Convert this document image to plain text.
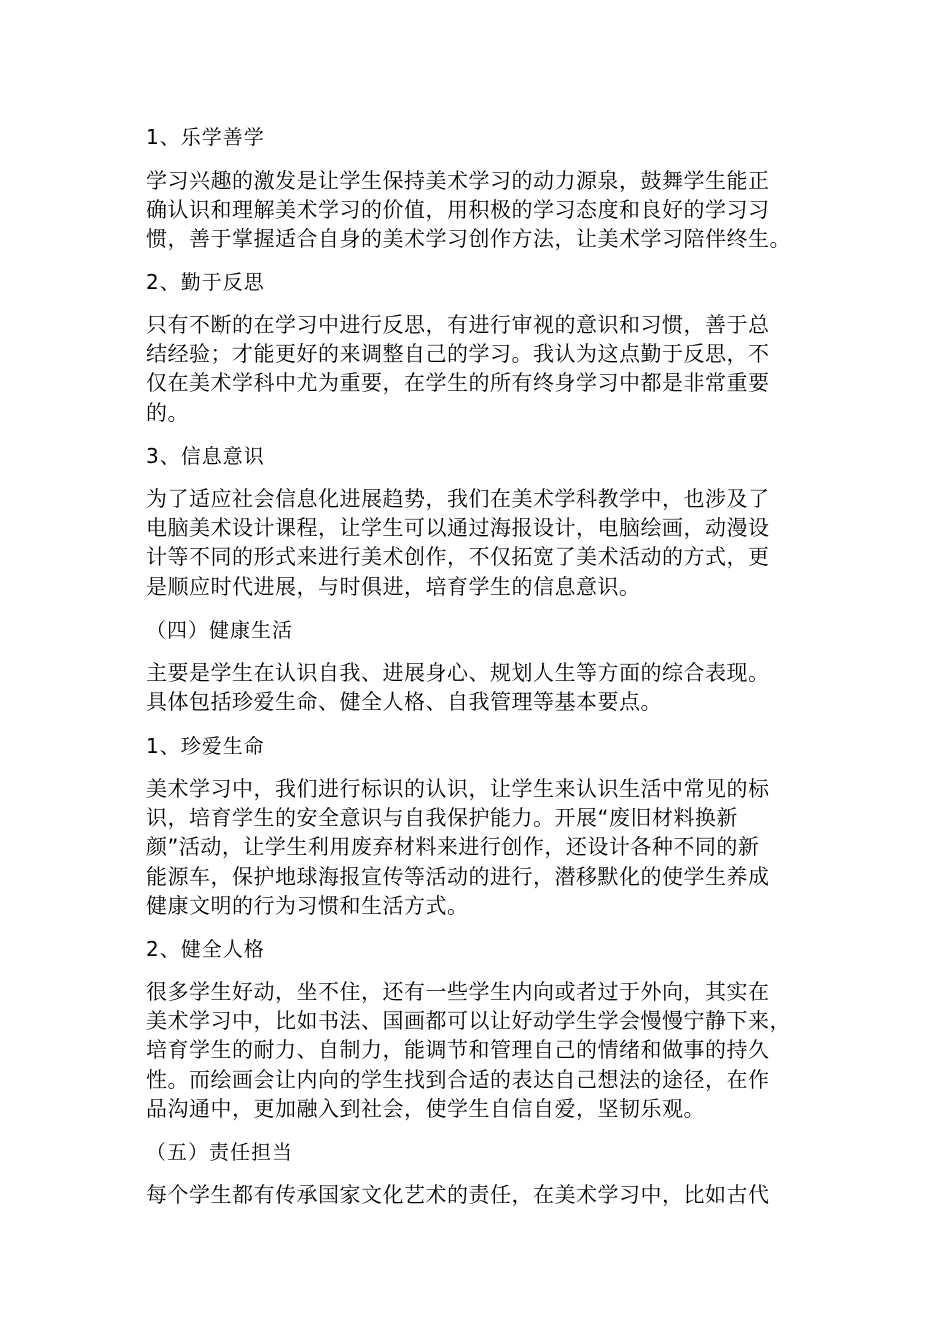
1、乐学善学
学习兴趣的激发是让学生保持美术学习的动力源泉，鼓舞学生能正
确认识和理解美术学习的价值，用积极的学习态度和良好的学习习
惯，善于掌握适合自身的美术学习创作方法，让美术学习陪伴终生。
2、勤于反思
只有不断的在学习中进行反思，有进行审视的意识和习惯，善于总
结经验；才能更好的来调整自己的学习。我认为这点勤于反思，不
仅在美术学科中尤为重要，在学生的所有终身学习中都是非常重要
的。
3、信息意识
为了适应社会信息化进展趋势，我们在美术学科教学中，也涉及了
电脑美术设计课程，让学生可以通过海报设计，电脑绘画，动漫设
计等不同的形式来进行美术创作，不仅拓宽了美术活动的方式，更
是顺应时代进展，与时俱进，培育学生的信息意识。
（四）健康生活
主要是学生在认识自我、进展身心、规划人生等方面的综合表现。
具体包括珍爱生命、健全人格、自我管理等基本要点。
1、珍爱生命
美术学习中，我们进行标识的认识，让学生来认识生活中常见的标
识，培育学生的安全意识与自我保护能力。开展“废旧材料换新
颜”活动，让学生利用废弃材料来进行创作，还设计各种不同的新
能源车，保护地球海报宣传等活动的进行，潜移默化的使学生养成
健康文明的行为习惯和生活方式。
2、健全人格
很多学生好动，坐不住，还有一些学生内向或者过于外向，其实在
美术学习中，比如书法、国画都可以让好动学生学会慢慢宁静下来，
培育学生的耐力、自制力，能调节和管理自己的情绪和做事的持久
性。而绘画会让内向的学生找到合适的表达自己想法的途径，在作
品沟通中，更加融入到社会，使学生自信自爱，坚韧乐观。
（五）责任担当
每个学生都有传承国家文化艺术的责任，在美术学习中，比如古代
